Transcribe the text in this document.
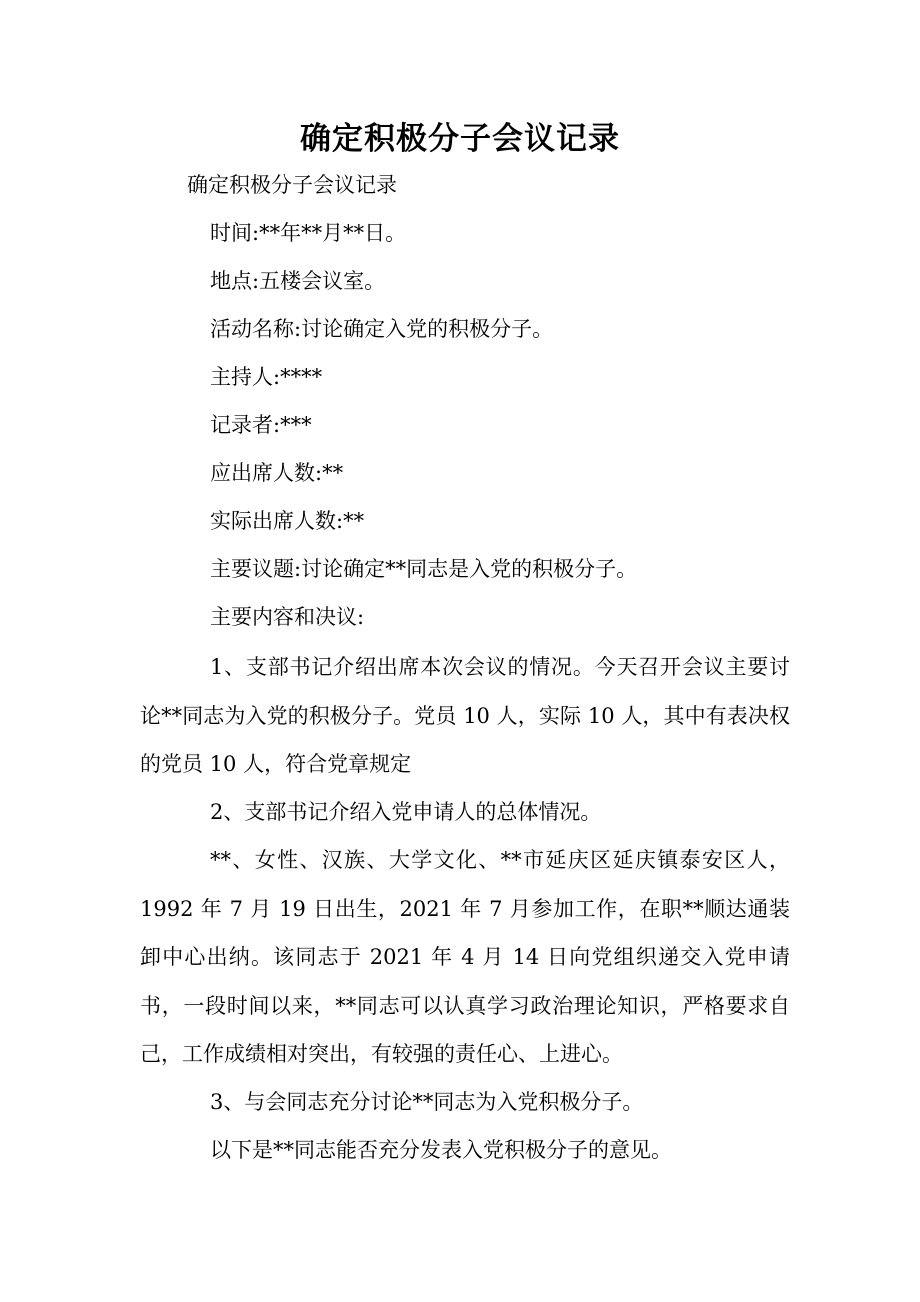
确定积极分子会议记录
确定积极分子会议记录
时间:**年**月**日。
地点:五楼会议室。
活动名称:讨论确定入党的积极分子。
主持人:****
记录者:***
应出席人数:**
实际出席人数:**
主要议题:讨论确定**同志是入党的积极分子。
主要内容和决议:
1、支部书记介绍出席本次会议的情况。今天召开会议主要讨论**同志为入党的积极分子。党员 10 人，实际 10 人，其中有表决权的党员 10 人，符合党章规定
2、支部书记介绍入党申请人的总体情况。
**、女性、汉族、大学文化、**市延庆区延庆镇泰安区人，1992 年 7 月 19 日出生，2021 年 7 月参加工作，在职**顺达通装卸中心出纳。该同志于 2021 年 4 月 14 日向党组织递交入党申请书，一段时间以来，**同志可以认真学习政治理论知识，严格要求自己，工作成绩相对突出，有较强的责任心、上进心。
3、与会同志充分讨论**同志为入党积极分子。
以下是**同志能否充分发表入党积极分子的意见。
